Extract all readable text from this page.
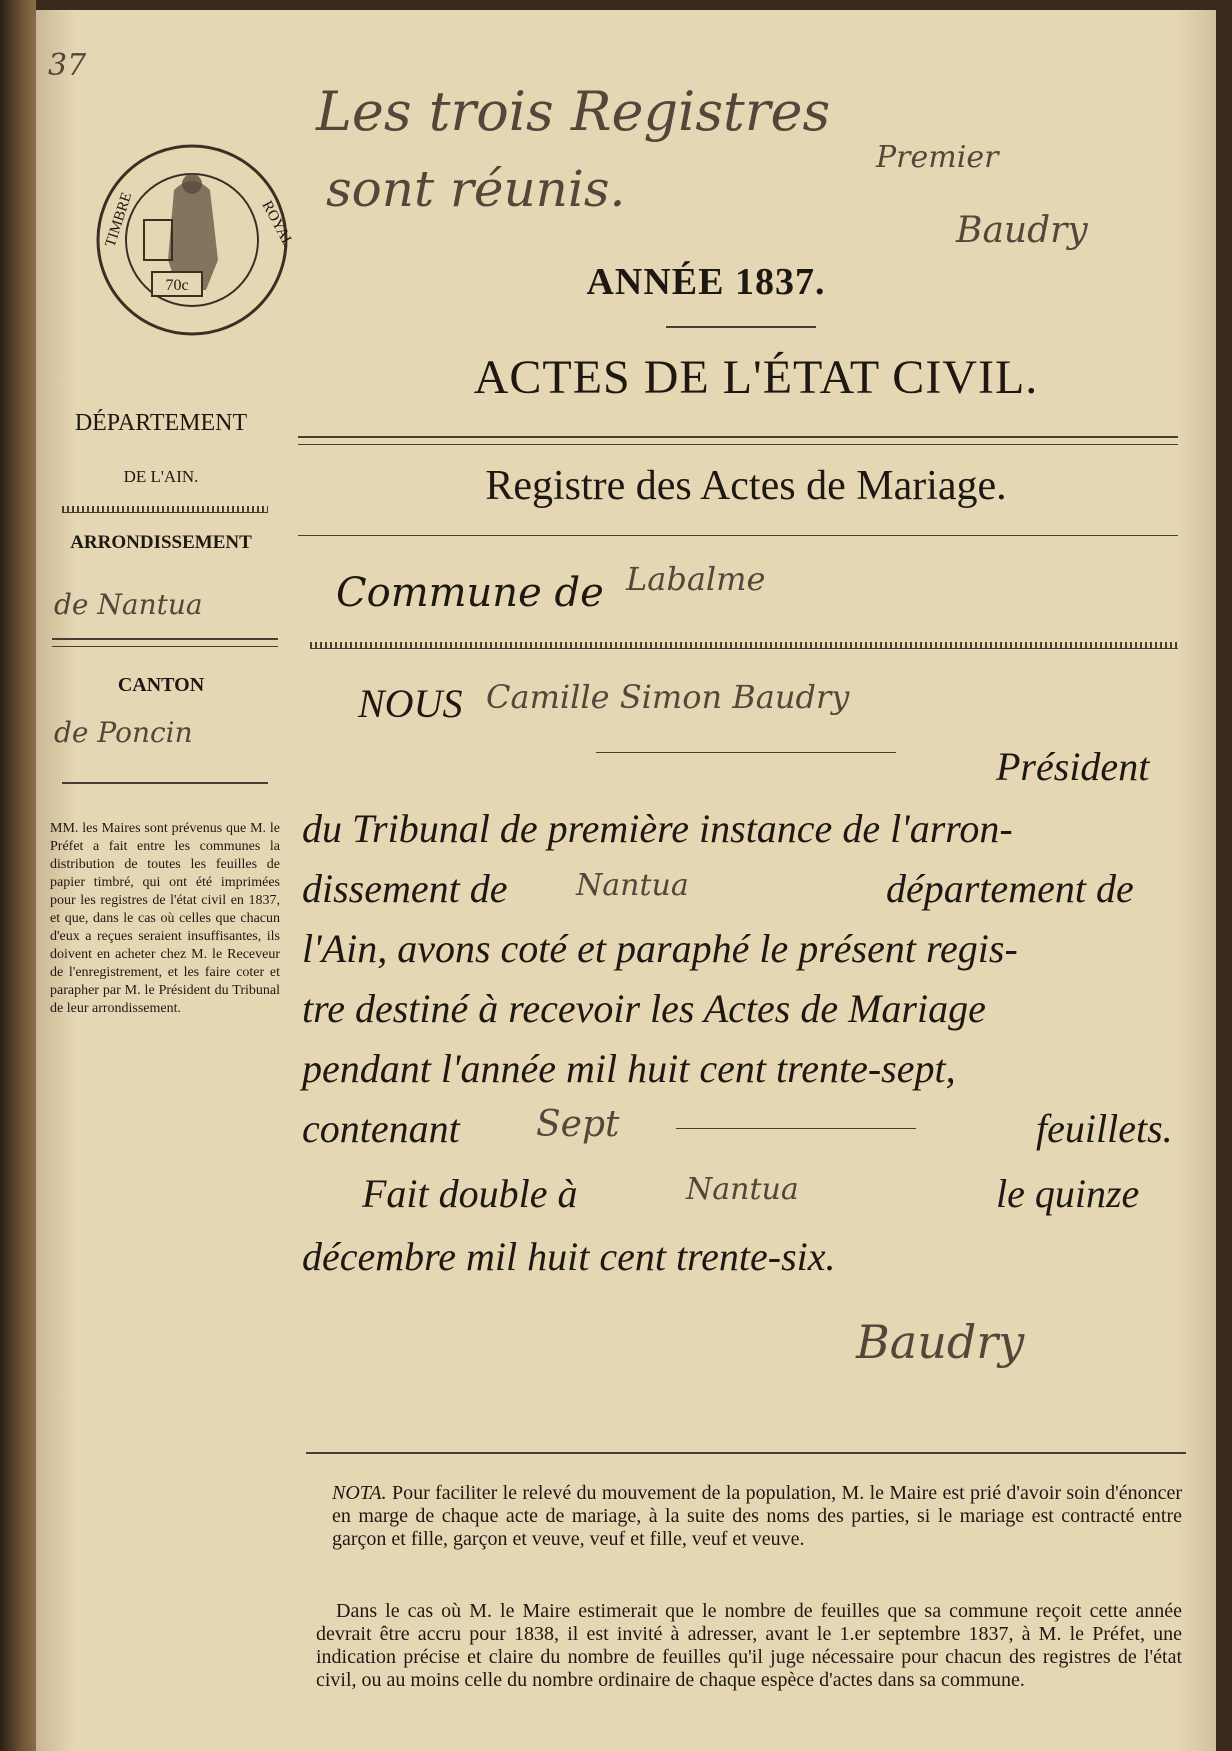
37
Les trois Registres
sont réunis.
Premier
Baudry
70c
TIMBRE	ROYAL
ANNÉE 1837.
ACTES DE L'ÉTAT CIVIL.
Registre des Actes de Mariage.
Commune de Labalme
DÉPARTEMENT
DE L'AIN.
ARRONDISSEMENT
de Nantua
CANTON
de Poncin
MM. les Maires sont prévenus que M. le Préfet a fait entre les communes la distribution de toutes les feuilles de papier timbré, qui ont été imprimées pour les registres de l'état civil en 1837, et que, dans le cas où celles que chacun d'eux a reçues seraient insuffisantes, ils doivent en acheter chez M. le Receveur de l'enregistrement, et les faire coter et parapher par M. le Président du Tribunal de leur arrondissement.
NOUS Camille Simon Baudry
Président
du Tribunal de première instance de l'arron-
dissement de Nantua	département de
l'Ain, avons coté et paraphé le présent regis-
tre destiné à recevoir les Actes de Mariage
pendant l'année mil huit cent trente-sept,
contenant Sept	feuillets.
Fait double à	Nantua	le quinze
décembre mil huit cent trente-six.
Baudry
NOTA. Pour faciliter le relevé du mouvement de la population, M. le Maire est prié d'avoir soin d'énoncer en marge de chaque acte de mariage, à la suite des noms des parties, si le mariage est contracté entre garçon et fille, garçon et veuve, veuf et fille, veuf et veuve.
Dans le cas où M. le Maire estimerait que le nombre de feuilles que sa commune reçoit cette année devrait être accru pour 1838, il est invité à adresser, avant le 1.er septembre 1837, à M. le Préfet, une indication précise et claire du nombre de feuilles qu'il juge nécessaire pour chacun des registres de l'état civil, ou au moins celle du nombre ordinaire de chaque espèce d'actes dans sa commune.
